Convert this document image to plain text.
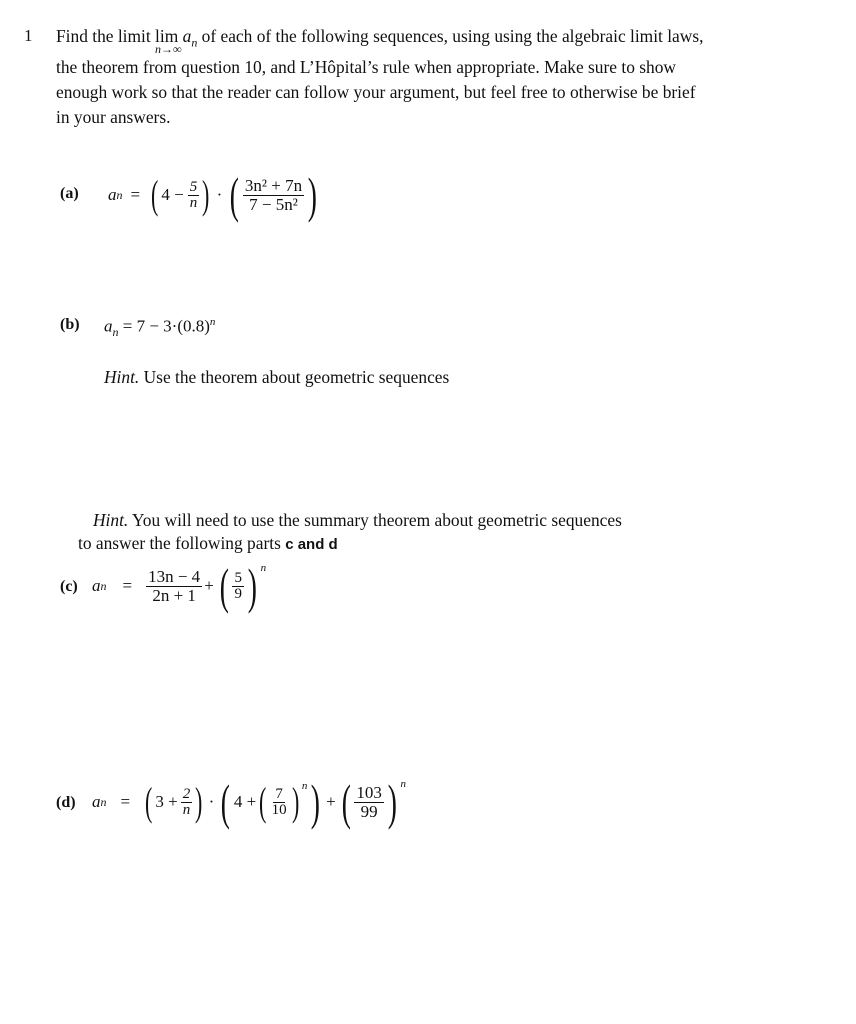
1 Find the limit lim
n→∞
$a_n$ of each of the following sequences, using using the algebraic limit laws,
the theorem from question 10, and L’Hôpital’s rule when appropriate. Make sure to show
enough work so that the reader can follow your argument, but feel free to otherwise be brief
in your answers.
(a) a n = ( $4 - \frac{5}{n}$ ) · ( $\frac{\text{3n² + 7n}}{\text{7 − 5n²}}$ )
(b) $a_n = 7 - 3\cdot(0.8)^n$
Hint. Use the theorem about geometric sequences
Hint. You will need to use the summary theorem about geometric sequences
to answer the following parts c and d
(c) a $n = \frac{13n - 4}{2n + 1}$ + ( $\frac{5}{9}$ ) n
(d) a n = ( $3 + \frac{2}{n}$ ) · ( 4 + ( $\frac{7}{10}$ ) n ) + ( $\frac{103}{99}$ ) n
